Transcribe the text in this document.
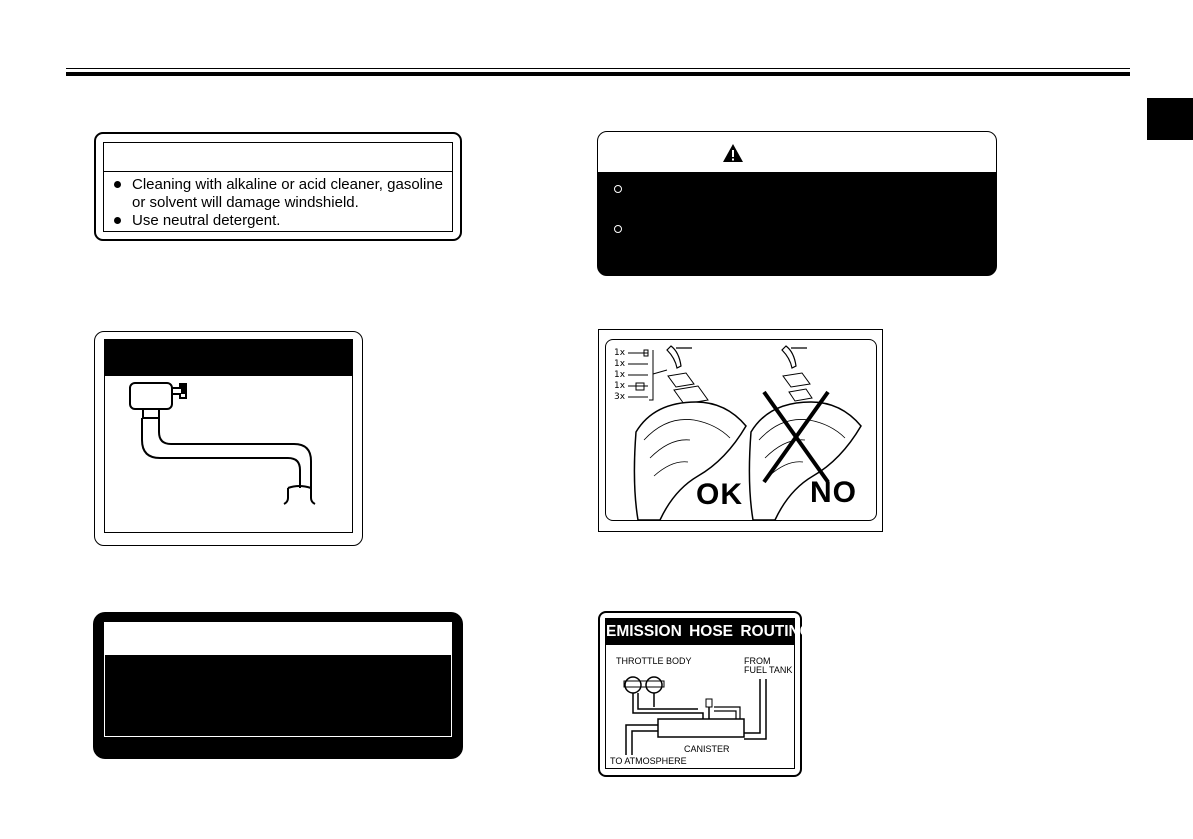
Cleaning with alkaline or acid cleaner, gasoline or solvent will damage windshield.
Use neutral detergent.
1x
1x
1x
1x
3x
OK NO
EMISSION HOSE ROUTING
THROTTLE BODY	FROM
FUEL TANK
CANISTER
TO ATMOSPHERE
